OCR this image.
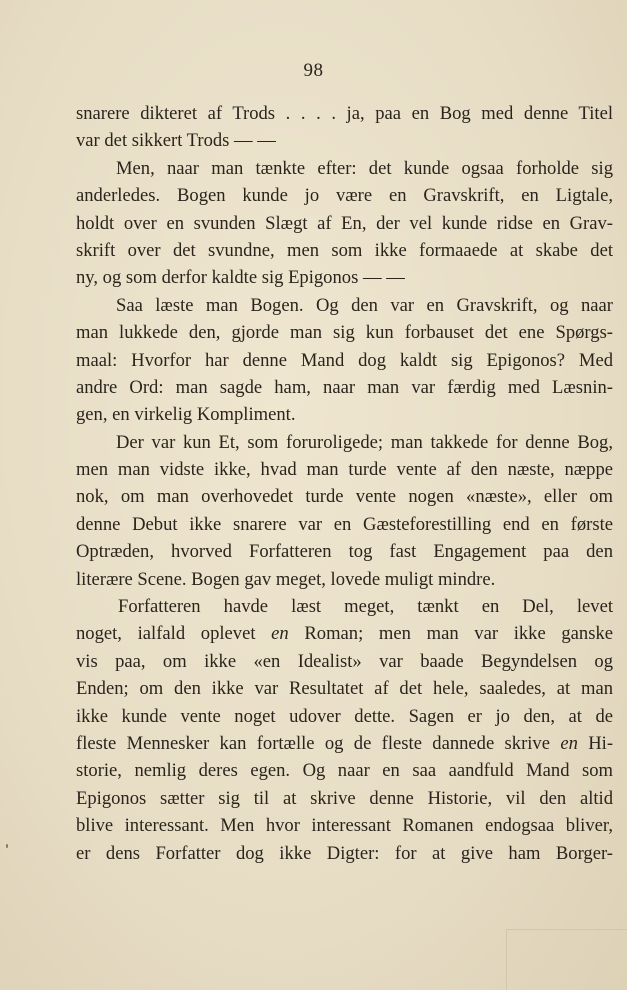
98
snarere dikteret af Trods . . . . ja, paa en Bog med denne Titel
var det sikkert Trods — —
Men, naar man tænkte efter: det kunde ogsaa forholde sig
anderledes. Bogen kunde jo være en Gravskrift, en Ligtale,
holdt over en svunden Slægt af En, der vel kunde ridse en Grav-
skrift over det svundne, men som ikke formaaede at skabe det
ny, og som derfor kaldte sig Epigonos — —
Saa læste man Bogen. Og den var en Gravskrift, og naar
man lukkede den, gjorde man sig kun forbauset det ene Spørgs-
maal: Hvorfor har denne Mand dog kaldt sig Epigonos? Med
andre Ord: man sagde ham, naar man var færdig med Læsnin-
gen, en virkelig Kompliment.
Der var kun Et, som foruroligede; man takkede for denne Bog,
men man vidste ikke, hvad man turde vente af den næste, næppe
nok, om man overhovedet turde vente nogen «næste», eller om
denne Debut ikke snarere var en Gæsteforestilling end en første
Optræden, hvorved Forfatteren tog fast Engagement paa den
literære Scene. Bogen gav meget, lovede muligt mindre.
Forfatteren havde læst meget, tænkt en Del, levet
noget, ialfald oplevet en Roman; men man var ikke ganske
vis paa, om ikke «en Idealist» var baade Begyndelsen og
Enden; om den ikke var Resultatet af det hele, saaledes, at man
ikke kunde vente noget udover dette. Sagen er jo den, at de
fleste Mennesker kan fortælle og de fleste dannede skrive en Hi-
storie, nemlig deres egen. Og naar en saa aandfuld Mand som
Epigonos sætter sig til at skrive denne Historie, vil den altid
blive interessant. Men hvor interessant Romanen endogsaa bliver,
er dens Forfatter dog ikke Digter: for at give ham Borger-
